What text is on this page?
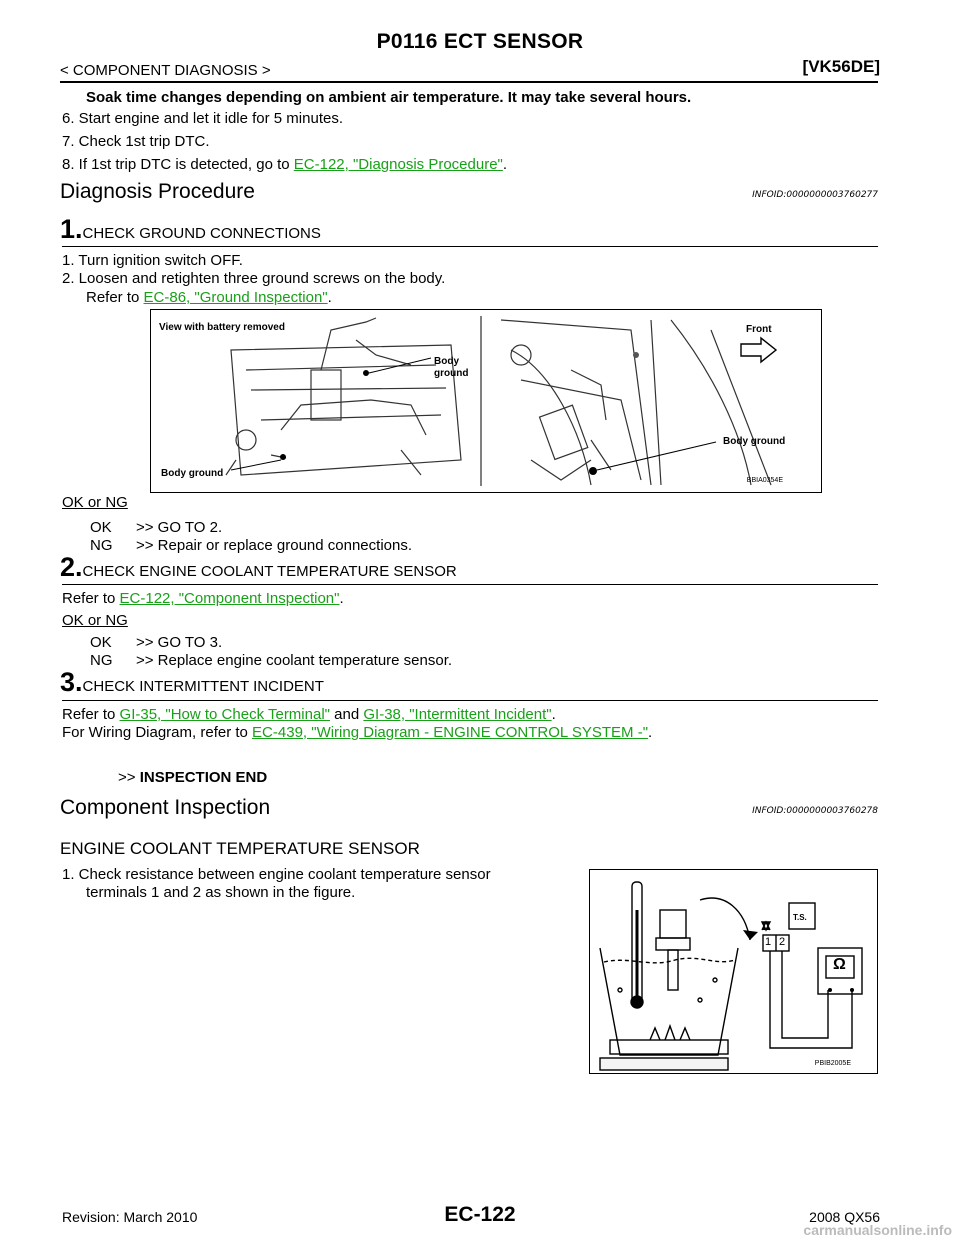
P0116 ECT SENSOR
< COMPONENT DIAGNOSIS >	[VK56DE]
Soak time changes depending on ambient air temperature. It may take several hours.
6. Start engine and let it idle for 5 minutes.
7. Check 1st trip DTC.
8. If 1st trip DTC is detected, go to EC-122, "Diagnosis Procedure".
Diagnosis Procedure	INFOID:0000000003760277
1.CHECK GROUND CONNECTIONS
1. Turn ignition switch OFF.
2. Loosen and retighten three ground screws on the body.
Refer to EC-86, "Ground Inspection".
View with battery removed
Body
ground
Body ground
Front
Body ground
BBIA0354E
OK or NG
OK >> GO TO 2.
NG >> Repair or replace ground connections.
2.CHECK ENGINE COOLANT TEMPERATURE SENSOR
Refer to EC-122, "Component Inspection".
OK or NG
OK >> GO TO 3.
NG >> Replace engine coolant temperature sensor.
3.CHECK INTERMITTENT INCIDENT
Refer to GI-35, "How to Check Terminal" and GI-38, "Intermittent Incident".
For Wiring Diagram, refer to EC-439, "Wiring Diagram - ENGINE CONTROL SYSTEM -".
>> INSPECTION END
Component Inspection	INFOID:0000000003760278
ENGINE COOLANT TEMPERATURE SENSOR
1. Check resistance between engine coolant temperature sensor
terminals 1 and 2 as shown in the figure.
1 2
T.S.
Ω
PBIB2005E
Revision: March 2010	EC-122	2008 QX56
carmanualsonline.info
